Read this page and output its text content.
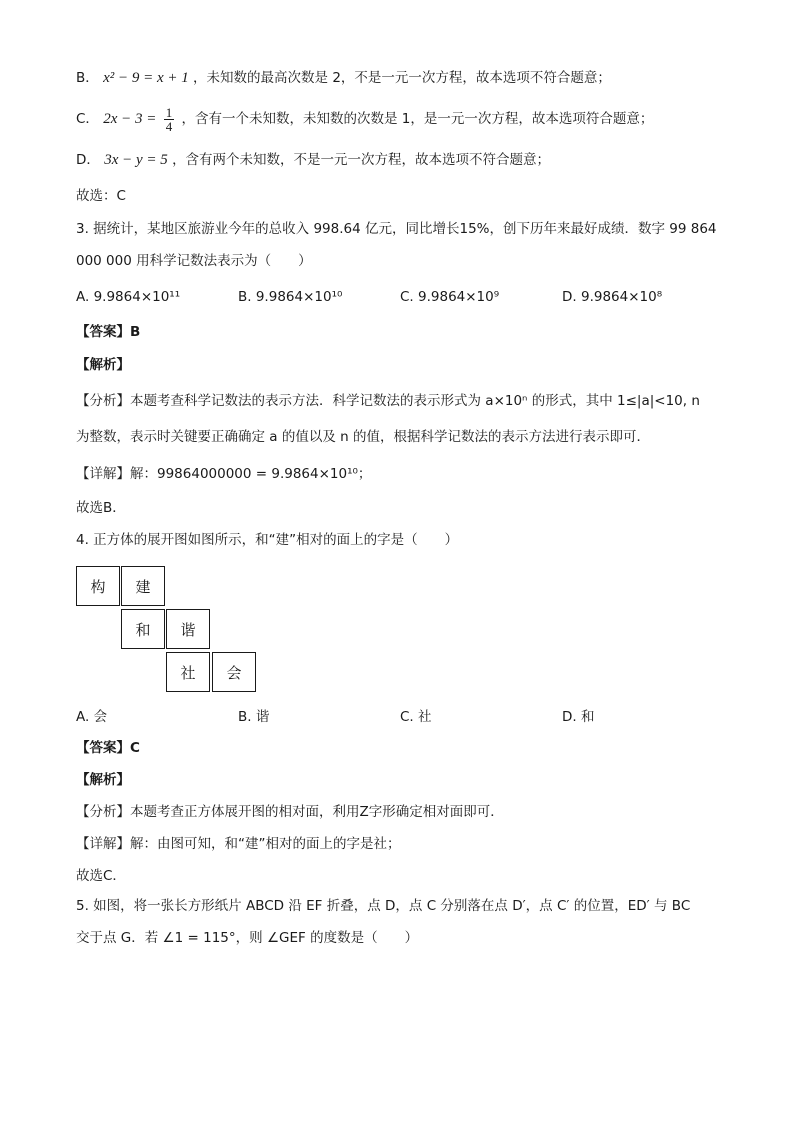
B． x² − 9 = x + 1 ，未知数的最高次数是 2，不是一元一次方程，故本选项不符合题意；
C． $2x - 3 = \frac{1}{4}$ ，含有一个未知数，未知数的次数是 1，是一元一次方程，故本选项符合题意；
D． 3x − y = 5 ，含有两个未知数，不是一元一次方程，故本选项不符合题意；
故选：C
3. 据统计，某地区旅游业今年的总收入 998.64 亿元，同比增长15%，创下历年来最好成绩．数字 99 864
000 000 用科学记数法表示为（　　）
A. 9.9864×10¹¹	B. 9.9864×10¹⁰	C. 9.9864×10⁹	D. 9.9864×10⁸
【答案】B
【解析】
【分析】本题考查科学记数法的表示方法．科学记数法的表示形式为 a×10ⁿ 的形式，其中 1≤|a|<10, n
为整数，表示时关键要正确确定 a 的值以及 n 的值，根据科学记数法的表示方法进行表示即可．
【详解】解：99864000000 = 9.9864×10¹⁰；
故选B．
4. 正方体的展开图如图所示，和“建”相对的面上的字是（　　）
构	建
和	谐
社	会
A. 会	B. 谐	C. 社	D. 和
【答案】C
【解析】
【分析】本题考查正方体展开图的相对面，利用Z字形确定相对面即可．
【详解】解：由图可知，和“建”相对的面上的字是社；
故选C．
5. 如图，将一张长方形纸片 ABCD 沿 EF 折叠，点 D，点 C 分别落在点 D′，点 C′ 的位置，ED′ 与 BC
交于点 G．若 ∠1 = 115°，则 ∠GEF 的度数是（　　）
